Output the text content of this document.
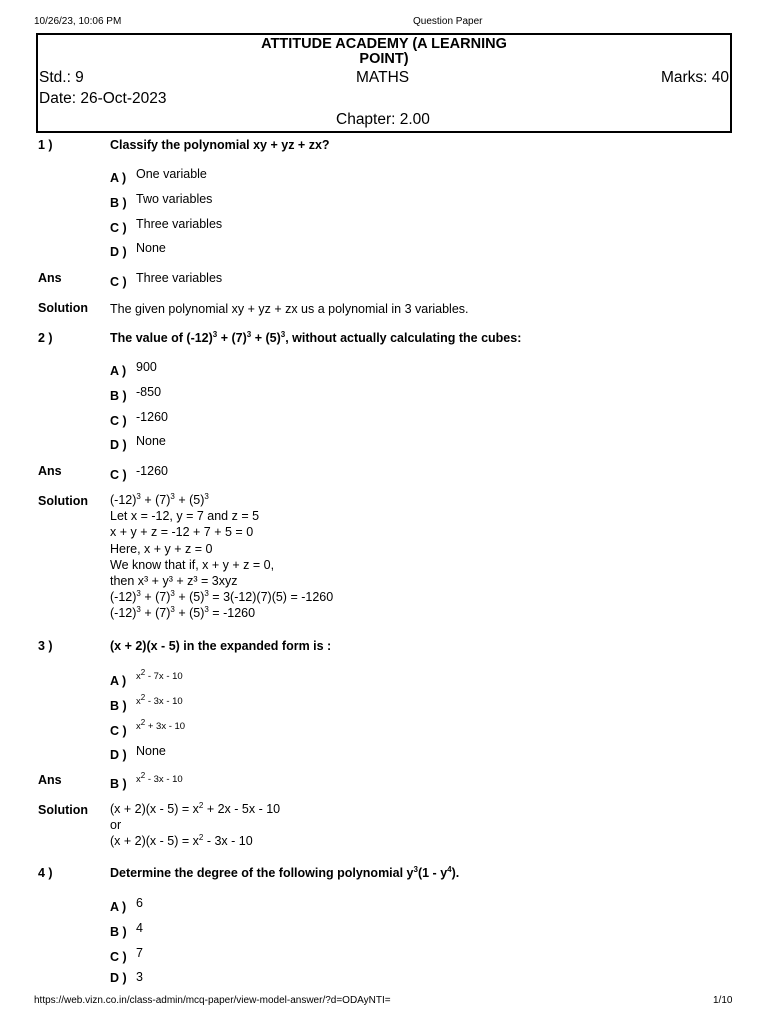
10/26/23, 10:06 PM	Question Paper
https://web.vizn.co.in/class-admin/mcq-paper/view-model-answer/?d=ODAyNTI=	1/10
ATTITUDE ACADEMY (A LEARNING
POINT)
Std.: 9	MATHS	Marks: 40
Date: 26-Oct-2023
Chapter: 2.00
1 )	Classify the polynomial xy + yz + zx?
A ) One variable
B ) Two variables
C ) Three variables
D ) None
Ans	C ) Three variables
Solution The given polynomial xy + yz + zx us a polynomial in 3 variables.
2 )	The value of $(-12)^3 + (7)^3 + (5)^3$, without actually calculating the cubes:
A ) 900
B ) -850
C ) -1260
D ) None
Ans	C ) -1260
Solution $(-12)^3 + (7)^3 + (5)^3$
Let x = -12, y = 7 and z = 5
x + y + z = -12 + 7 + 5 = 0
Here, x + y + z = 0
We know that if, x + y + z = 0,
then x³ + y³ + z³ = 3xyz
$(-12)^3 + (7)^3 + (5)^3 = 3(-12)(7)(5) = -1260$
$(-12)^3 + (7)^3 + (5)^3 = -1260$
3 )	(x + 2)(x - 5) in the expanded form is :
A ) $x^2 - 7x - 10$
B ) $x^2 - 3x - 10$
C ) $x^2 + 3x - 10$
D ) None
Ans	B ) $x^2 - 3x - 10$
Solution $(x + 2)(x - 5) = x^2 + 2x - 5x - 10$
or
$(x + 2)(x - 5) = x^2 - 3x - 10$
4 )	Determine the degree of the following polynomial $y^3(1 - y^4)$.
A ) 6
B ) 4
C ) 7
D ) 3
